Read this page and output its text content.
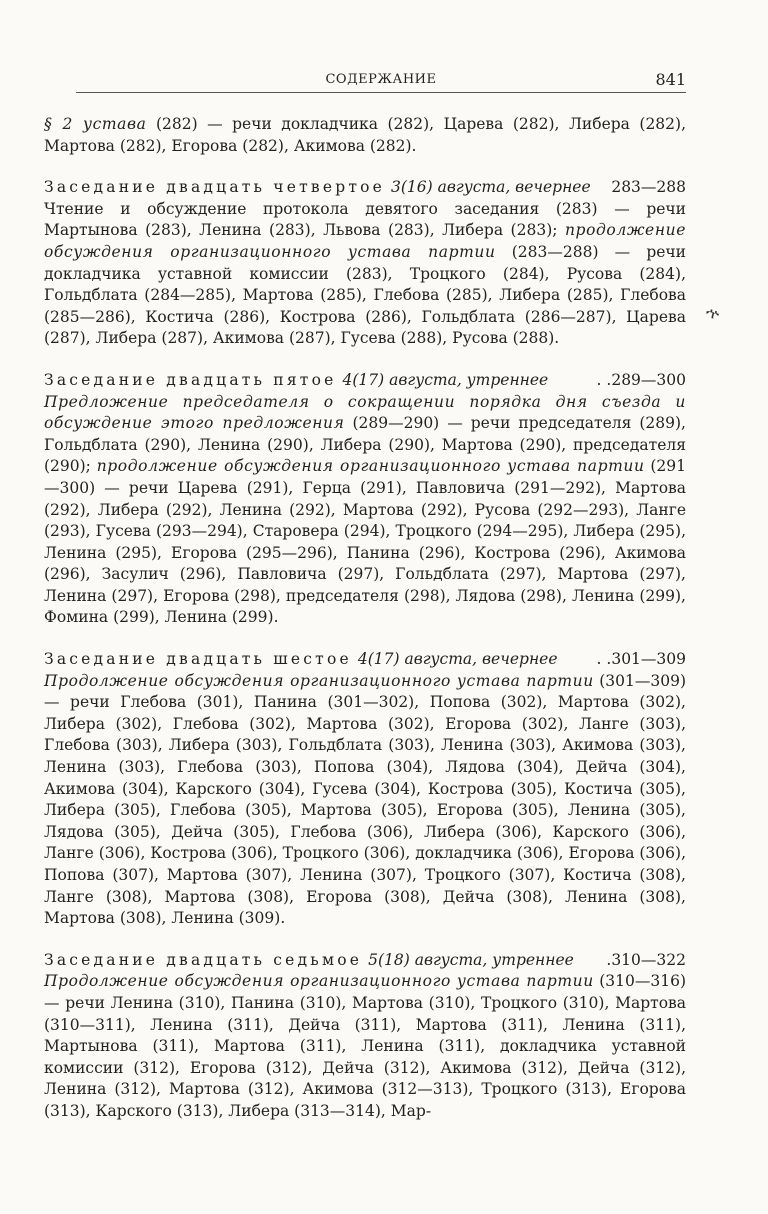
СОДЕРЖАНИЕ	841
ኍ

§ 2 устава (282) — речи докладчика (282), Царева (282), Либера (282), Мартова (282), Егорова (282), Акимова (282).

Заседание двадцать четвертое 3(16) августа, вечернее 283—288

Чтение и обсуждение протокола девятого заседания (283) — речи Мартынова (283), Ленина (283), Львова (283), Либера (283); продолжение обсуждения организационного устава партии (283—288) — речи докладчика уставной комиссии (283), Троцкого (284), Русова (284), Гольдблата (284—285), Мартова (285), Глебова (285), Либера (285), Глебова (285—286), Костича (286), Кострова (286), Гольдблата (286—287), Царева (287), Либера (287), Акимова (287), Гусева (288), Русова (288).

Заседание двадцать пятое 4(17) августа, утреннее	. .289—300

Предложение председателя о сокращении порядка дня съезда и обсуждение этого предложения (289—290) — речи председателя (289), Гольдблата (290), Ленина (290), Либера (290), Мартова (290), председателя (290); продолжение обсуждения организационного устава партии (291—300) — речи Царева (291), Герца (291), Павловича (291—292), Мартова (292), Либера (292), Ленина (292), Мартова (292), Русова (292—293), Ланге (293), Гусева (293—294), Староверa (294), Троцкого (294—295), Либера (295), Ленина (295), Егорова (295—296), Панина (296), Кострова (296), Акимова (296), Засулич (296), Павловича (297), Гольдблата (297), Мартова (297), Ленина (297), Егорова (298), председателя (298), Лядова (298), Ленина (299), Фомина (299), Ленина (299).

Заседание двадцать шестое 4(17) августа, вечернее	. .301—309

Продолжение обсуждения организационного устава партии (301—309) — речи Глебова (301), Панина (301—302), Попова (302), Мартова (302), Либера (302), Глебова (302), Мартова (302), Егорова (302), Ланге (303), Глебова (303), Либера (303), Гольдблата (303), Ленина (303), Акимова (303), Ленина (303), Глебова (303), Попова (304), Лядова (304), Дейча (304), Акимова (304), Карского (304), Гусева (304), Кострова (305), Костича (305), Либера (305), Глебова (305), Мартова (305), Егорова (305), Ленина (305), Лядова (305), Дейча (305), Глебова (306), Либера (306), Карского (306), Ланге (306), Кострова (306), Троцкого (306), докладчика (306), Егорова (306), Попова (307), Мартова (307), Ленина (307), Троцкого (307), Костича (308), Ланге (308), Мартова (308), Егорова (308), Дейча (308), Ленина (308), Мартова (308), Ленина (309).

Заседание двадцать седьмое 5(18) августа, утреннее .310—322

Продолжение обсуждения организационного устава партии (310—316) — речи Ленина (310), Панина (310), Мартова (310), Троцкого (310), Мартова (310—311), Ленина (311), Дейча (311), Мартова (311), Ленина (311), Мартынова (311), Мартова (311), Ленина (311), докладчика уставной комиссии (312), Егорова (312), Дейча (312), Акимова (312), Дейча (312), Ленина (312), Мартова (312), Акимова (312—313), Троцкого (313), Егорова (313), Карского (313), Либера (313—314), Мар-
